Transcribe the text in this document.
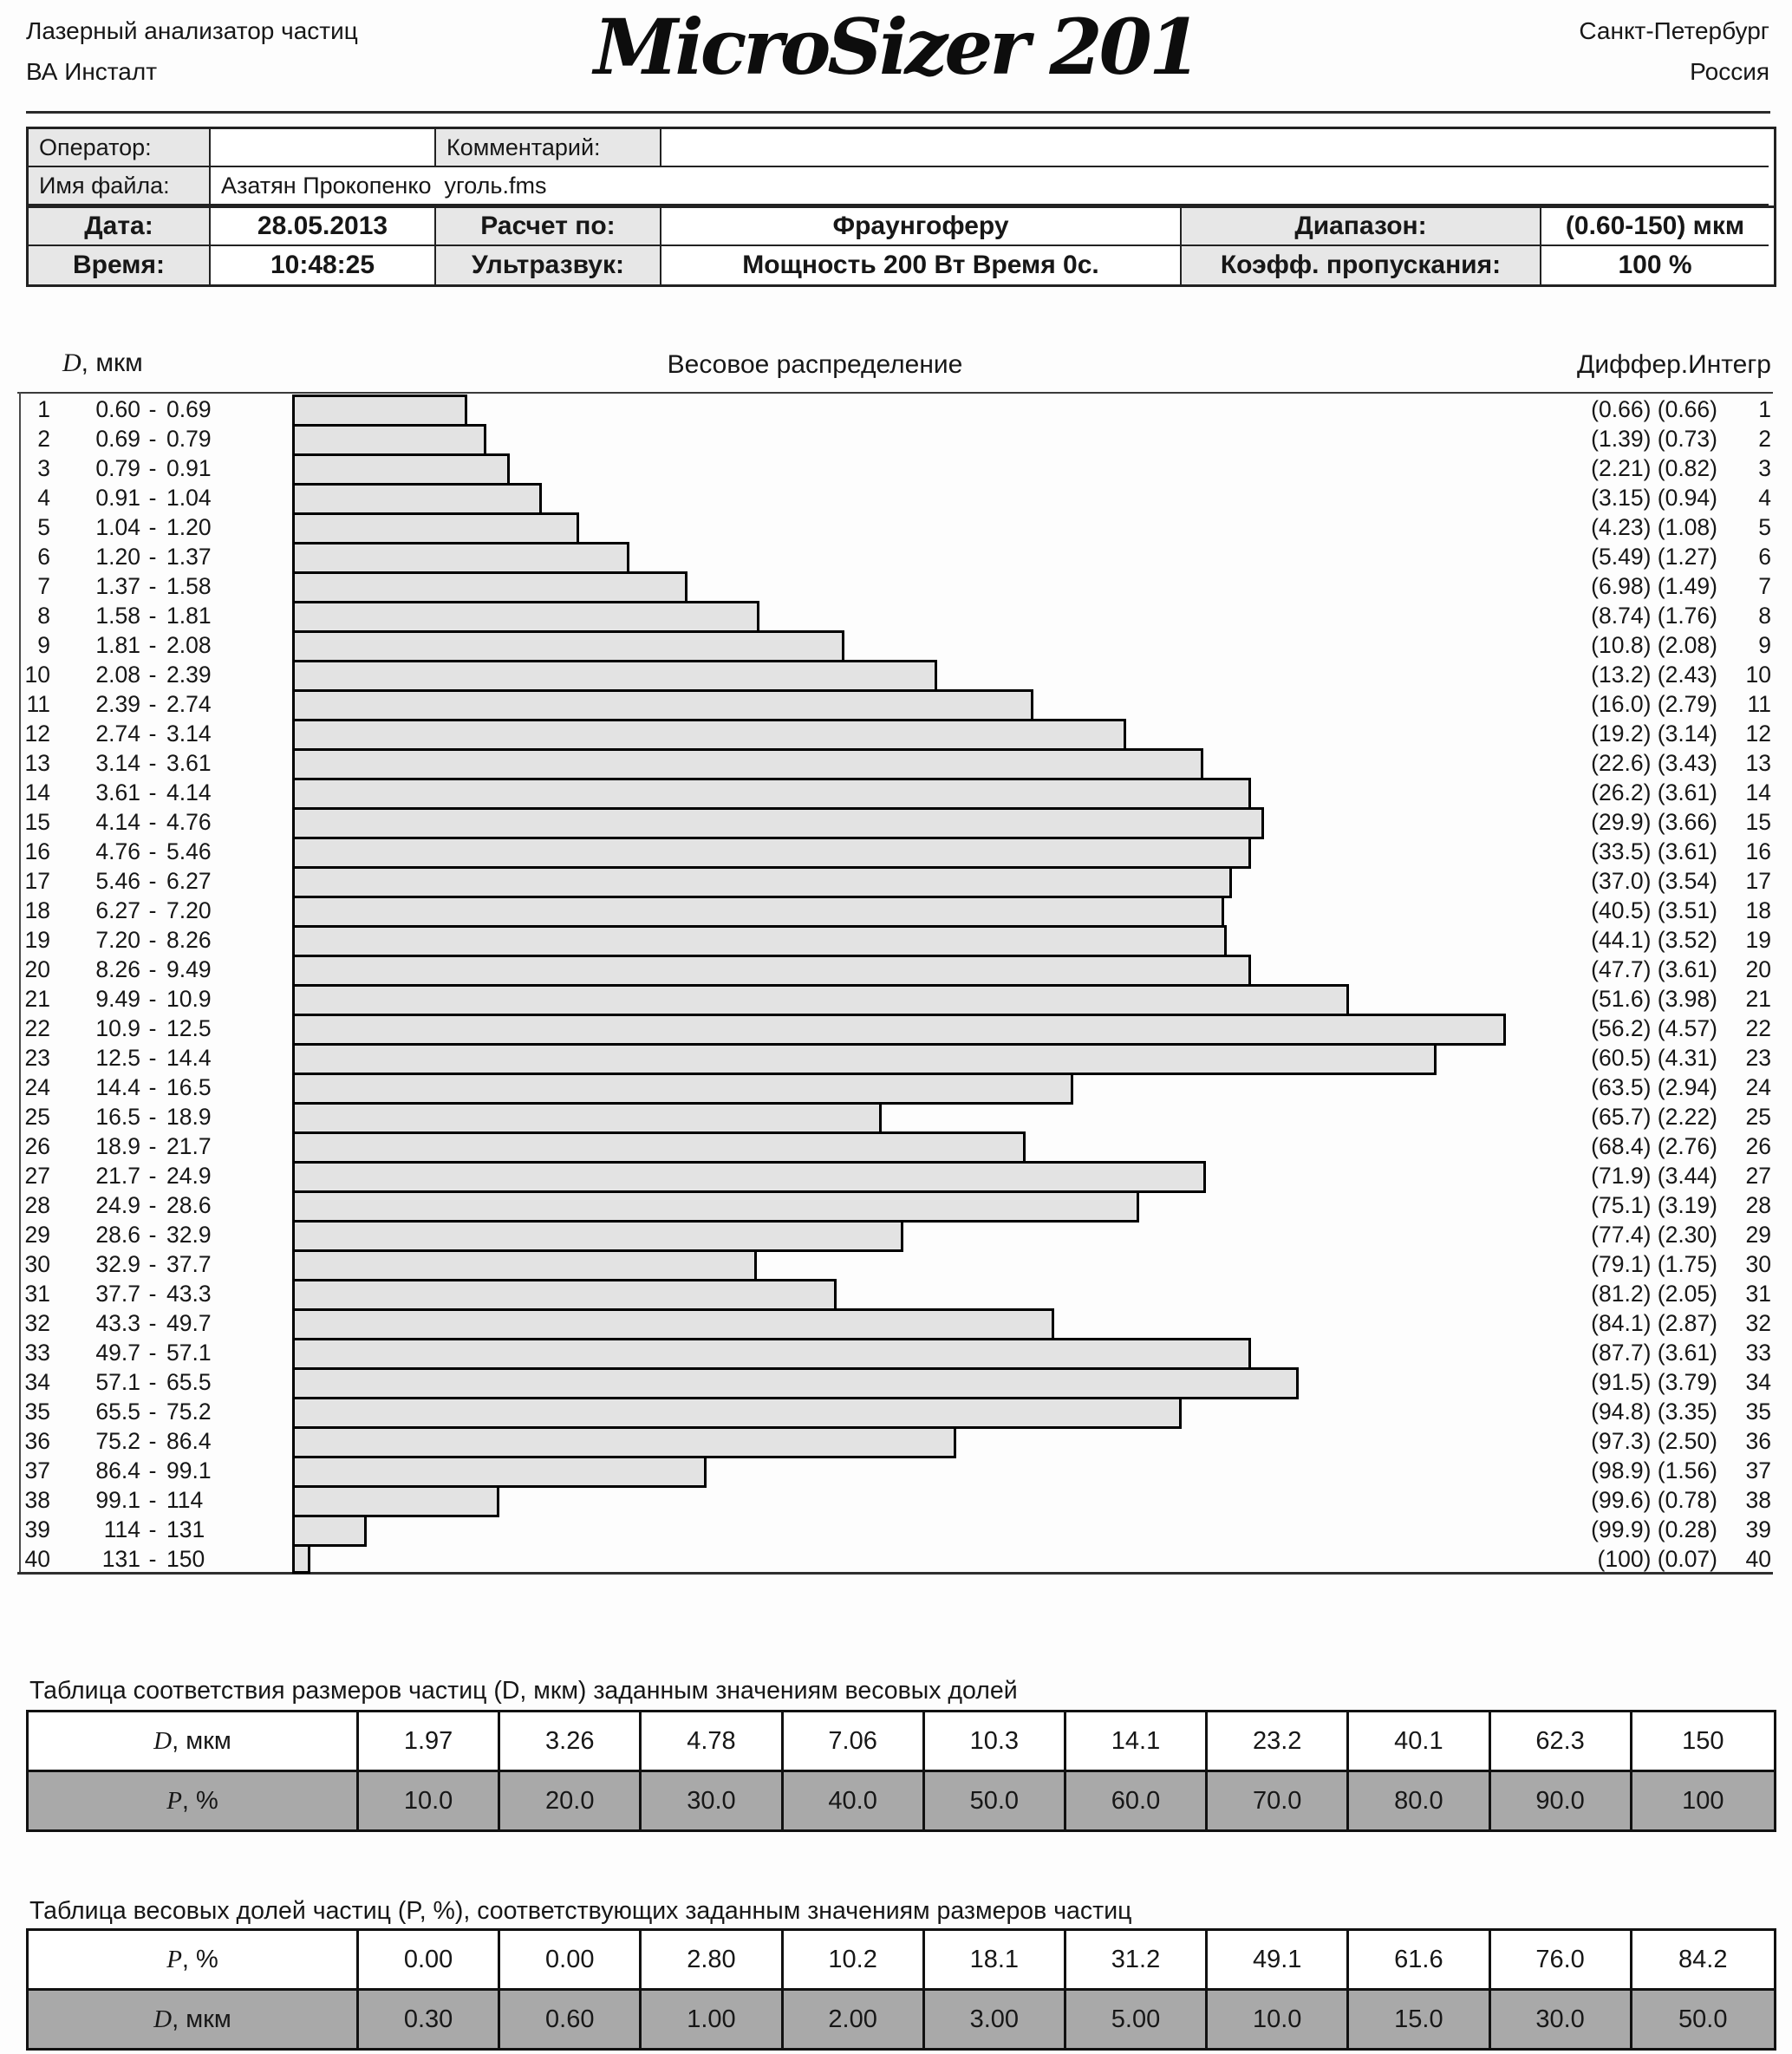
Лазерный анализатор частиц
ВА Инсталт	MicroSizer 201	Санкт-Петербург
Россия
Оператор:	Комментарий:
Имя файла:	Азатян Прокопенко  уголь.fms
Дата:	28.05.2013	Расчет по:	Фраунгоферу	Диапазон:	(0.60-150) мкм
Время:	10:48:25	Ультразвук:	Мощность 200 Вт Время 0с.	Коэфф. пропускания:	100 %
D, мкм	Весовое распределение	Диффер.Интегр
1	0.60 - 0.69	(0.66) (0.66)	1
2	0.69 - 0.79	(1.39) (0.73)	2
3	0.79 - 0.91	(2.21) (0.82)	3
4	0.91 - 1.04	(3.15) (0.94)	4
5	1.04 - 1.20	(4.23) (1.08)	5
6	1.20 - 1.37	(5.49) (1.27)	6
7	1.37 - 1.58	(6.98) (1.49)	7
8	1.58 - 1.81	(8.74) (1.76)	8
9	1.81 - 2.08	(10.8) (2.08)	9
10	2.08 - 2.39	(13.2) (2.43)	10
11	2.39 - 2.74	(16.0) (2.79)	11
12	2.74 - 3.14	(19.2) (3.14)	12
13	3.14 - 3.61	(22.6) (3.43)	13
14	3.61 - 4.14	(26.2) (3.61)	14
15	4.14 - 4.76	(29.9) (3.66)	15
16	4.76 - 5.46	(33.5) (3.61)	16
17	5.46 - 6.27	(37.0) (3.54)	17
18	6.27 - 7.20	(40.5) (3.51)	18
19	7.20 - 8.26	(44.1) (3.52)	19
20	8.26 - 9.49	(47.7) (3.61)	20
21	9.49 - 10.9	(51.6) (3.98)	21
22	10.9 - 12.5	(56.2) (4.57)	22
23	12.5 - 14.4	(60.5) (4.31)	23
24	14.4 - 16.5	(63.5) (2.94)	24
25	16.5 - 18.9	(65.7) (2.22)	25
26	18.9 - 21.7	(68.4) (2.76)	26
27	21.7 - 24.9	(71.9) (3.44)	27
28	24.9 - 28.6	(75.1) (3.19)	28
29	28.6 - 32.9	(77.4) (2.30)	29
30	32.9 - 37.7	(79.1) (1.75)	30
31	37.7 - 43.3	(81.2) (2.05)	31
32	43.3 - 49.7	(84.1) (2.87)	32
33	49.7 - 57.1	(87.7) (3.61)	33
34	57.1 - 65.5	(91.5) (3.79)	34
35	65.5 - 75.2	(94.8) (3.35)	35
36	75.2 - 86.4	(97.3) (2.50)	36
37	86.4 - 99.1	(98.9) (1.56)	37
38	99.1 - 114	(99.6) (0.78)	38
39	114 - 131	(99.9) (0.28)	39
40	131 - 150	(100) (0.07)	40
Таблица соответствия размеров частиц (D, мкм) заданным значениям весовых долей
D , мкм	1.97	3.26	4.78	7.06	10.3	14.1	23.2	40.1	62.3	150
P , %	10.0	20.0	30.0	40.0	50.0	60.0	70.0	80.0	90.0	100
Таблица весовых долей частиц (P, %), соответствующих заданным значениям размеров частиц
P , %	0.00	0.00	2.80	10.2	18.1	31.2	49.1	61.6	76.0	84.2
D , мкм	0.30	0.60	1.00	2.00	3.00	5.00	10.0	15.0	30.0	50.0
